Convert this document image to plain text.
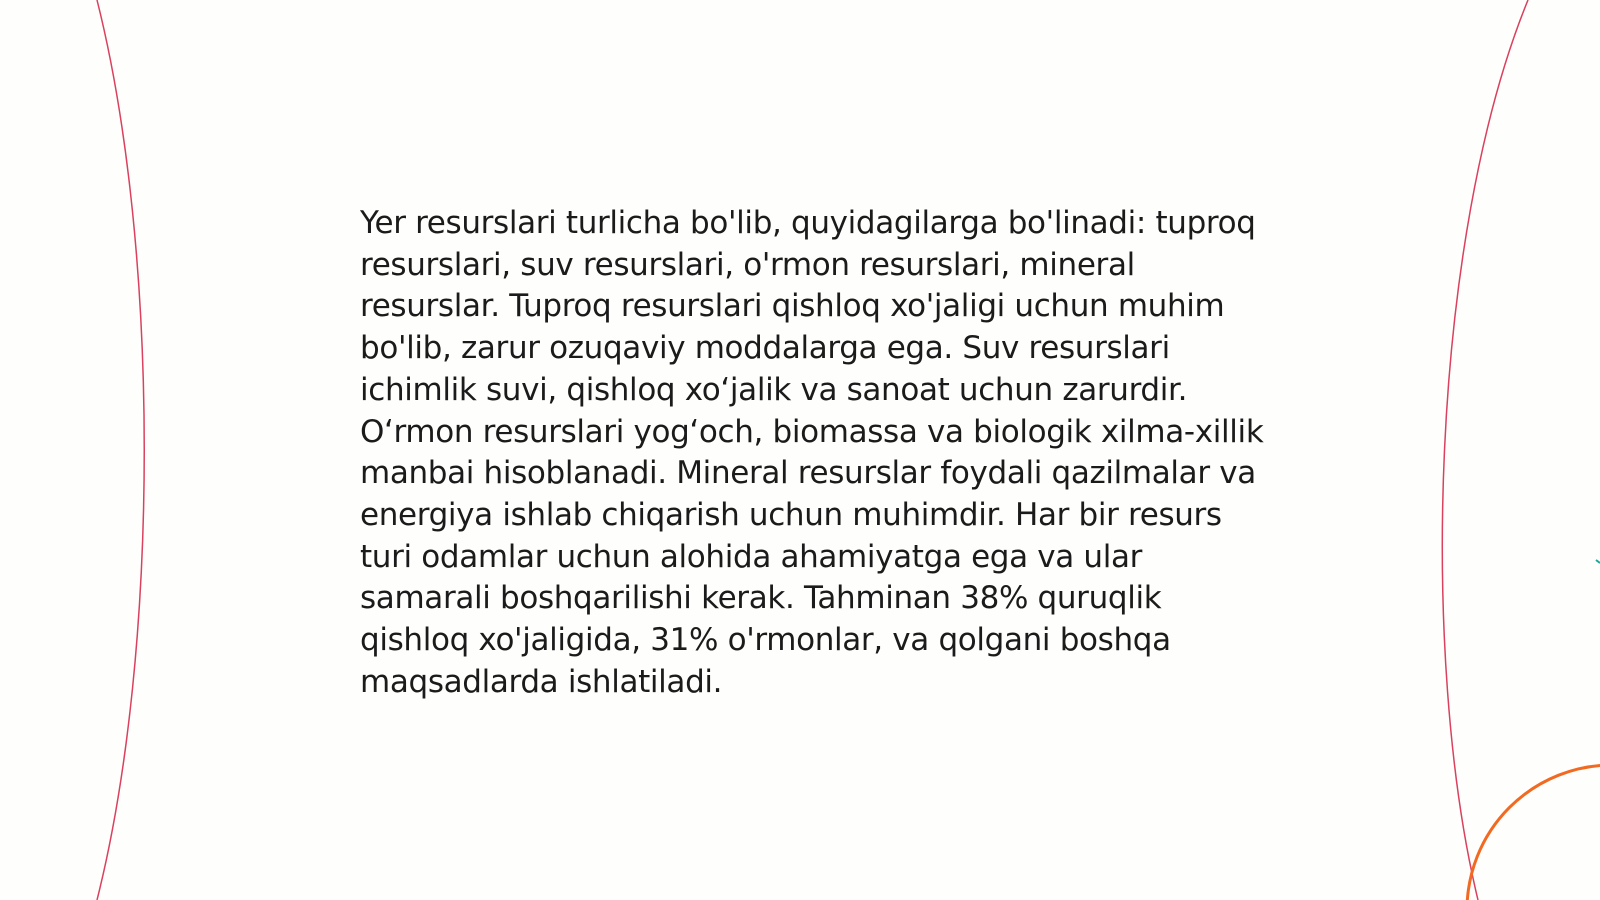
Yer resurslari turlicha bo'lib, quyidagilarga bo'linadi: tuproq resurslari, suv resurslari, o'rmon resurslari, mineral resurslar. Tuproq resurslari qishloq xo'jaligi uchun muhim bo'lib, zarur ozuqaviy moddalarga ega. Suv resurslari ichimlik suvi, qishloq xo‘jalik va sanoat uchun zarurdir. O‘rmon resurslari yog‘och, biomassa va biologik xilma-xillik manbai hisoblanadi. Mineral resurslar foydali qazilmalar va energiya ishlab chiqarish uchun muhimdir. Har bir resurs turi odamlar uchun alohida ahamiyatga ega va ular samarali boshqarilishi kerak. Tahminan 38% quruqlik qishloq xo'jaligida, 31% o'rmonlar, va qolgani boshqa maqsadlarda ishlatiladi.
